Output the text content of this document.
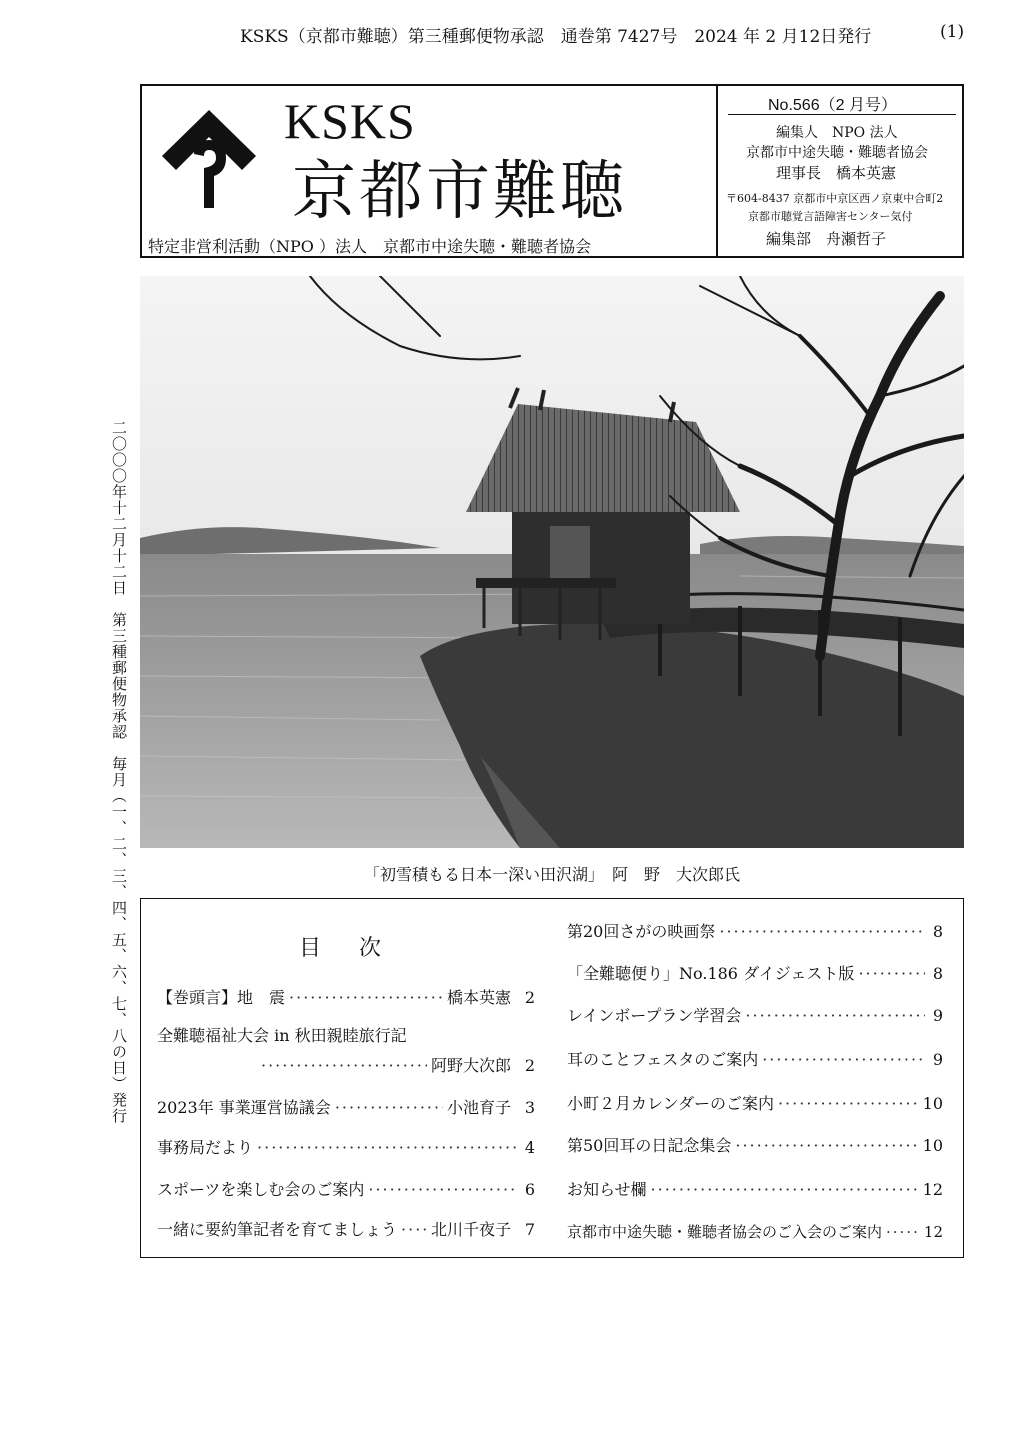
KSKS（京都市難聴）第三種郵便物承認　通巻第 7427号　2024 年 2 月12日発行	(1)
KSKS
京都市難聴
特定非営利活動（NPO ）法人　京都市中途失聴・難聴者協会
No.566（2 月号）
編集人　NPO 法人
京都市中途失聴・難聴者協会
理事長　橋本英憲
〒604-8437 京都市中京区西ノ京東中合町2
京都市聴覚言語障害センター気付
編集部　舟瀬哲子
二〇〇〇年十二月十二日　第三種郵便物承認　毎月（一、二、三、四、五、六、七、八の日）発行	「初雪積もる日本一深い田沢湖」　阿　野　大次郎氏
目次
【巻頭言】地　震 ·····	橋本英憲 2
全難聴福祉大会 in 秋田親睦旅行記
·····
阿野大次郎 2
2023年 事業運営協議会 ·····	小池育子 3
事務局だより ·····	4
スポーツを楽しむ会のご案内 ·····	6
一緒に要約筆記者を育てましょう ····· 北川千夜子 7
第20回さがの映画祭 ·····	8
「全難聴便り」No.186 ダイジェスト版 ·····	8
レインボープラン学習会 ·····	9
耳のことフェスタのご案内 ·····	9
小町２月カレンダーのご案内 ·····	10
第50回耳の日記念集会 ·····	10
お知らせ欄 ·····	12
京都市中途失聴・難聴者協会のご入会のご案内 ·····	12
